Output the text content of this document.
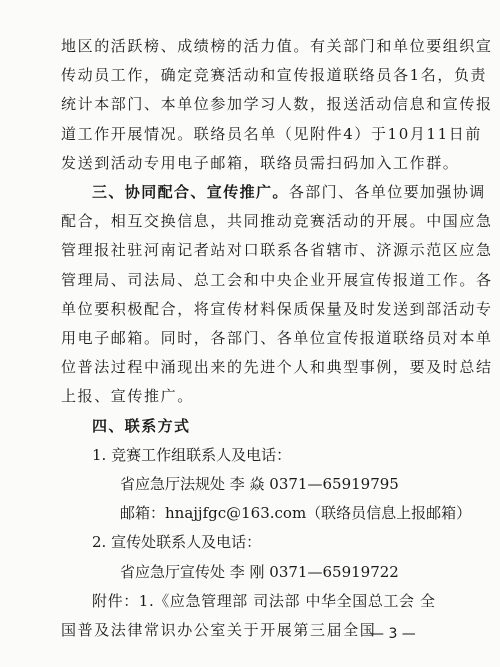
地区的活跃榜、成绩榜的活力值。有关部门和单位要组织宣
传动员工作，确定竞赛活动和宣传报道联络员各1名，负责
统计本部门、本单位参加学习人数，报送活动信息和宣传报
道工作开展情况。联络员名单（见附件4）于10月11日前
发送到活动专用电子邮箱，联络员需扫码加入工作群。
三、协同配合、宣传推广。各部门、各单位要加强协调
配合，相互交换信息，共同推动竞赛活动的开展。中国应急
管理报社驻河南记者站对口联系各省辖市、济源示范区应急
管理局、司法局、总工会和中央企业开展宣传报道工作。各
单位要积极配合，将宣传材料保质保量及时发送到部活动专
用电子邮箱。同时，各部门、各单位宣传报道联络员对本单
位普法过程中涌现出来的先进个人和典型事例，要及时总结
上报、宣传推广。
四、联系方式
1. 竞赛工作组联系人及电话：
省应急厅法规处 李 焱 0371—65919795
邮箱：hnajjfgc@163.com（联络员信息上报邮箱）
2. 宣传处联系人及电话：
省应急厅宣传处 李 刚 0371—65919722
附件：1.《应急管理部 司法部 中华全国总工会 全
国普及法律常识办公室关于开展第三届全国
— 3 —
